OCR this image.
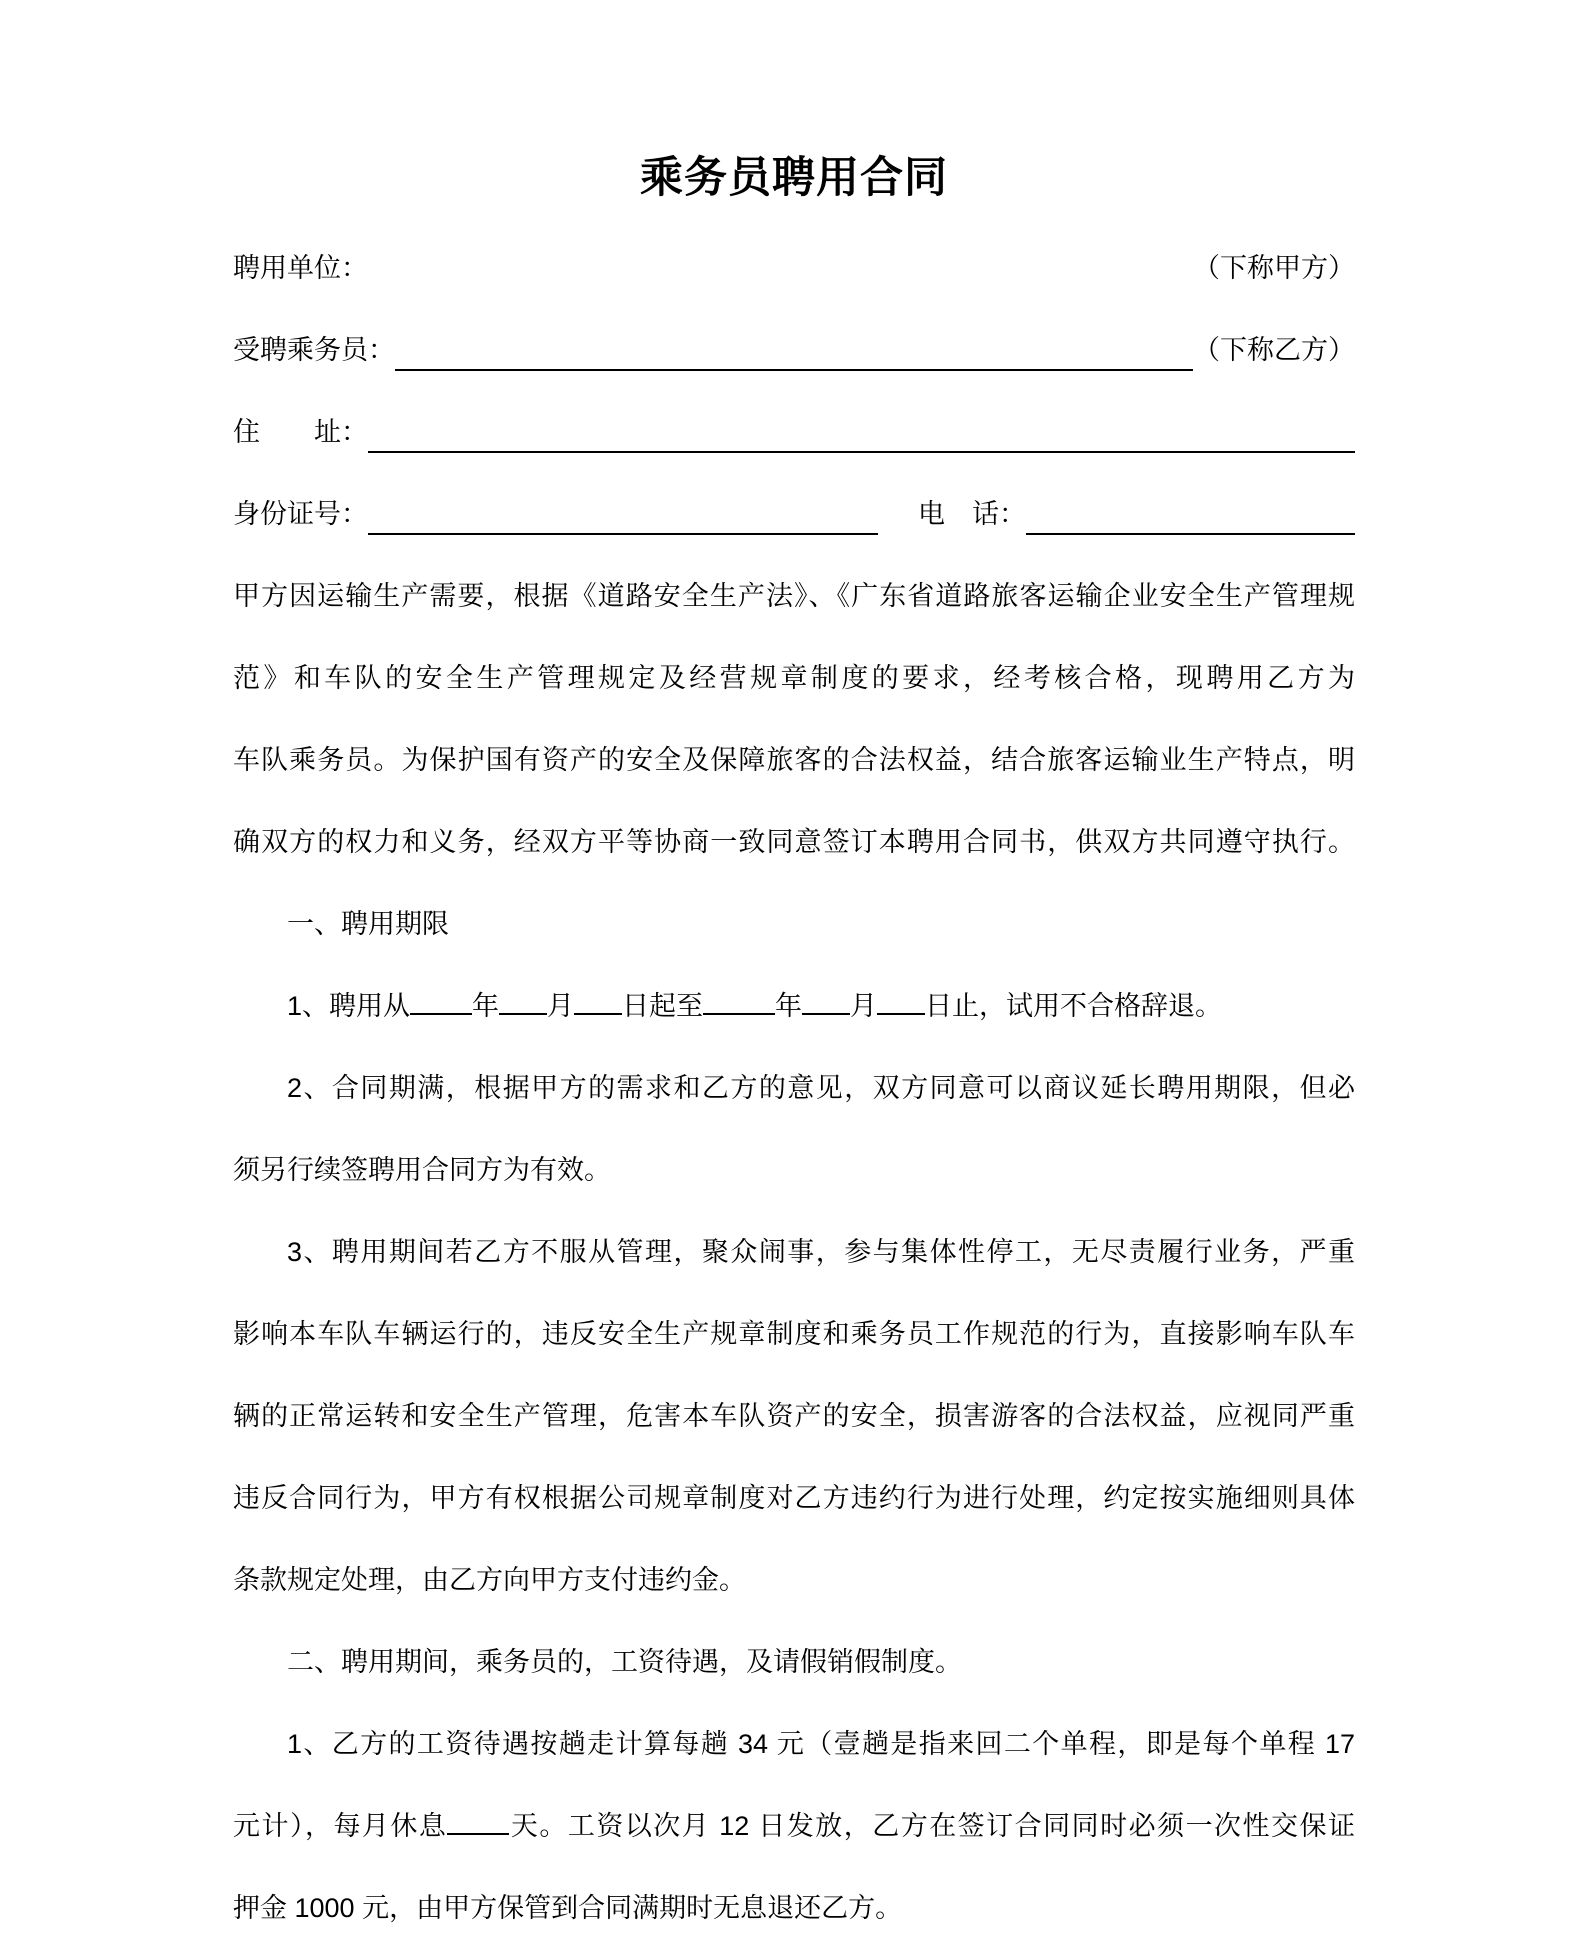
乘务员聘用合同
聘用单位：	（下称甲方）
受聘乘务员：	（下称乙方）
住　　址：
身份证号：	电　话：
甲方因运输生产需要，根据《道路安全生产法》、《广东省道路旅客运输企业安全生产管理规
范》和车队的安全生产管理规定及经营规章制度的要求，经考核合格，现聘用乙方为
车队乘务员。为保护国有资产的安全及保障旅客的合法权益，结合旅客运输业生产特点，明
确双方的权力和义务，经双方平等协商一致同意签订本聘用合同书，供双方共同遵守执行。
一、聘用期限
1、聘用从 年 月 日起至	年 月 日止，试用不合格辞退。
2、合同期满，根据甲方的需求和乙方的意见，双方同意可以商议延长聘用期限，但必
须另行续签聘用合同方为有效。
3、聘用期间若乙方不服从管理，聚众闹事，参与集体性停工，无尽责履行业务，严重
影响本车队车辆运行的，违反安全生产规章制度和乘务员工作规范的行为，直接影响车队车
辆的正常运转和安全生产管理，危害本车队资产的安全，损害游客的合法权益，应视同严重
违反合同行为，甲方有权根据公司规章制度对乙方违约行为进行处理，约定按实施细则具体
条款规定处理，由乙方向甲方支付违约金。
二、聘用期间，乘务员的，工资待遇，及请假销假制度。
1、乙方的工资待遇按趟走计算每趟 34 元（壹趟是指来回二个单程，即是每个单程 17
元计），每月休息 天。工资以次月 12 日发放，乙方在签订合同同时必须一次性交保证
押金 1000 元，由甲方保管到合同满期时无息退还乙方。
